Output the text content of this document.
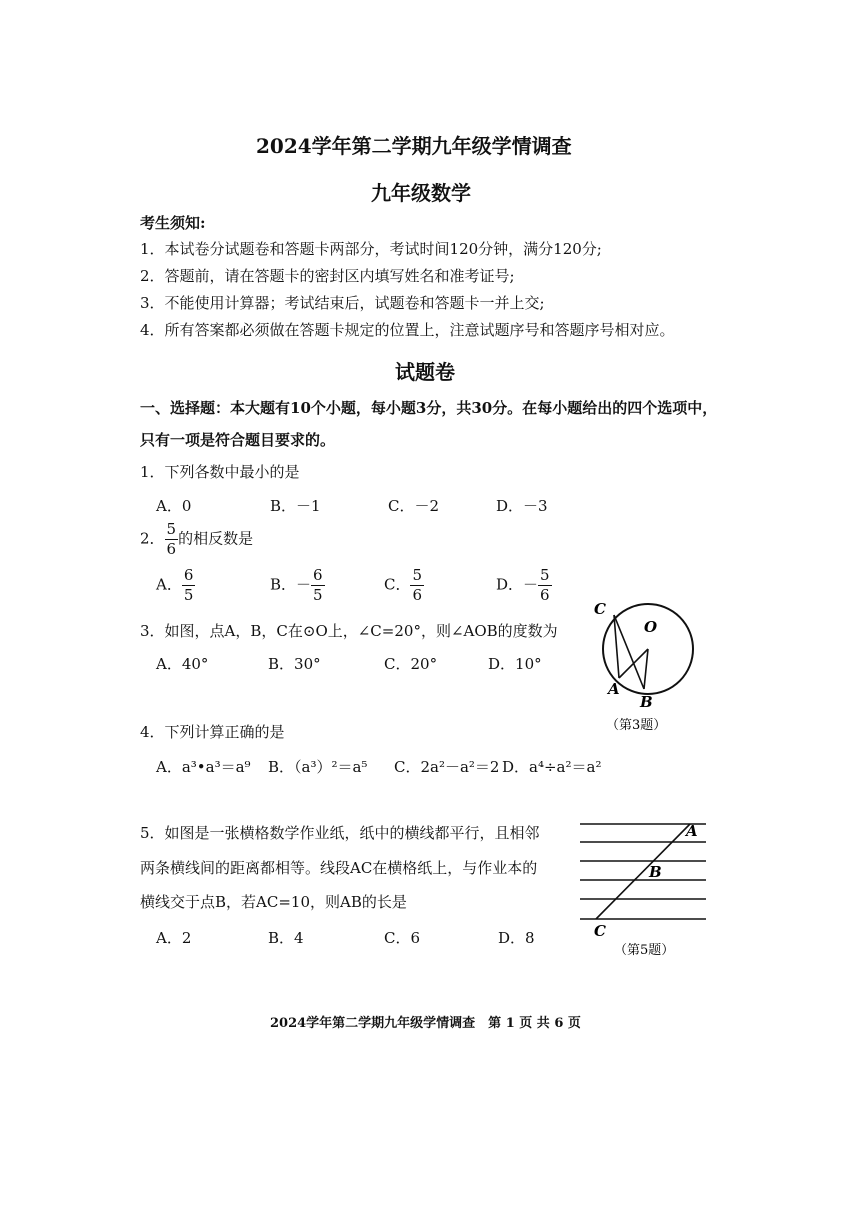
2024学年第二学期九年级学情调查
九年级数学
考生须知:
1．本试卷分试题卷和答题卡两部分，考试时间120分钟，满分120分;
2．答题前，请在答题卡的密封区内填写姓名和准考证号;
3．不能使用计算器；考试结束后，试题卷和答题卡一并上交;
4．所有答案都必须做在答题卡规定的位置上，注意试题序号和答题序号相对应。
试题卷
一、选择题：本大题有10个小题，每小题3分，共30分。在每小题给出的四个选项中，
只有一项是符合题目要求的。
1．下列各数中最小的是
A．0	B．－1	C．－2	D．－3
2． $\frac{5}{6}$ 的相反数是
A． $\frac{6}{5}$	B．－ $\frac{6}{5}$	C． $\frac{5}{6}$	D．－ $\frac{5}{6}$
3．如图，点A，B，C在⊙O上，∠C=20°，则∠AOB的度数为
A．40°	B．30°	C．20°	D．10°
C
O
A
B
（第3题）
4．下列计算正确的是
A．a³•a³＝a⁹ B．（a³）²＝a⁵ C．2a²－a²＝2 D．a⁴÷a²＝a²
5．如图是一张横格数学作业纸，纸中的横线都平行，且相邻
两条横线间的距离都相等。线段AC在横格纸上，与作业本的
横线交于点B，若AC=10，则AB的长是
A．2	B．4	C．6	D．8
A
B
C
（第5题）
2024学年第二学期九年级学情调查　第 1 页 共 6 页
